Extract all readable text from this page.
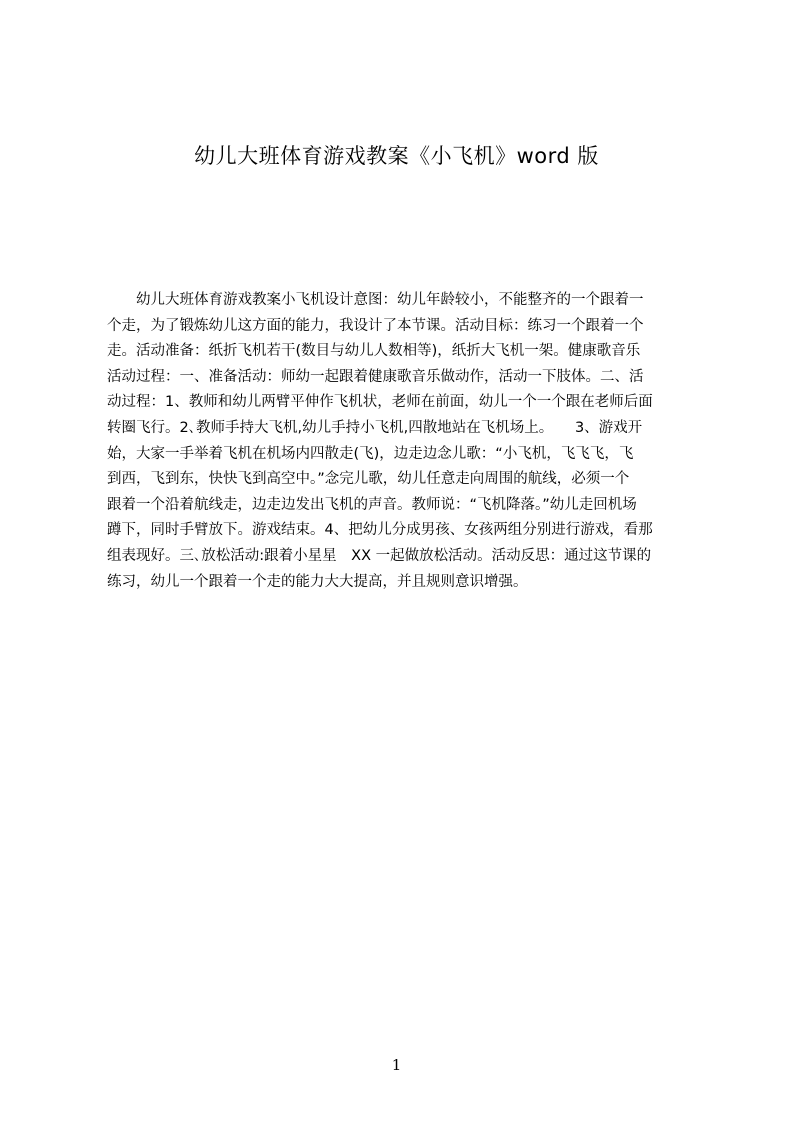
幼儿大班体育游戏教案《小飞机》word 版
　　幼儿大班体育游戏教案小飞机设计意图：幼儿年龄较小，不能整齐的一个跟着一
个走，为了锻炼幼儿这方面的能力，我设计了本节课。活动目标：练习一个跟着一个
走。活动准备：纸折飞机若干(数目与幼儿人数相等)，纸折大飞机一架。健康歌音乐
活动过程：一、准备活动：师幼一起跟着健康歌音乐做动作，活动一下肢体。二、活
动过程：1、教师和幼儿两臂平伸作飞机状，老师在前面，幼儿一个一个跟在老师后面
转圈飞行。2､教师手持大飞机,幼儿手持小飞机,四散地站在飞机场上。　　3、游戏开
始，大家一手举着飞机在机场内四散走(飞)，边走边念儿歌：“小飞机，飞飞飞，飞
到西，飞到东，快快飞到高空中。”念完儿歌，幼儿任意走向周围的航线，必须一个
跟着一个沿着航线走，边走边发出飞机的声音。教师说：“飞机降落。”幼儿走回机场
蹲下，同时手臂放下。游戏结束。4、把幼儿分成男孩、女孩两组分别进行游戏，看那
组表现好。三､放松活动:跟着小星星　XX 一起做放松活动。活动反思：通过这节课的
练习，幼儿一个跟着一个走的能力大大提高，并且规则意识增强。
1
